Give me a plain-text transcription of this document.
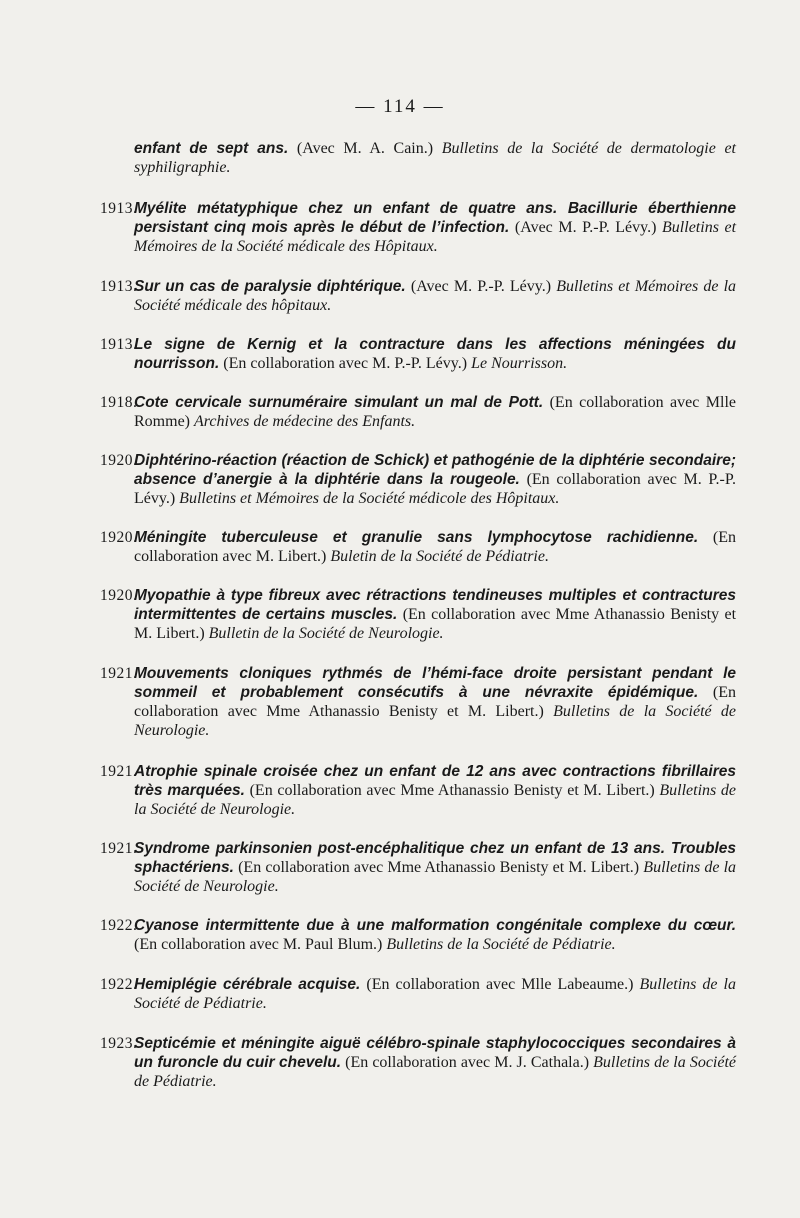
— 114 —
enfant de sept ans. (Avec M. A. Cain.) Bulletins de la Société de dermatologie et syphiligraphie.
1913.
Myélite métatyphique chez un enfant de quatre ans. Bacillurie éberthienne persistant cinq mois après le début de l’infection. (Avec M. P.-P. Lévy.) Bulletins et Mémoires de la Société médicale des Hôpitaux.
1913.
Sur un cas de paralysie diphtérique. (Avec M. P.-P. Lévy.) Bulletins et Mémoires de la Société médicale des hôpitaux.
1913.
Le signe de Kernig et la contracture dans les affections méningées du nourrisson. (En collaboration avec M. P.-P. Lévy.) Le Nourrisson.
1918.
Cote cervicale surnuméraire simulant un mal de Pott. (En collaboration avec Mlle Romme) Archives de médecine des Enfants.
1920.
Diphtérino-réaction (réaction de Schick) et pathogénie de la diphtérie secondaire; absence d’anergie à la diphtérie dans la rougeole. (En collaboration avec M. P.-P. Lévy.) Bulletins et Mémoires de la Société médicole des Hôpitaux.
1920.
Méningite tuberculeuse et granulie sans lymphocytose rachidienne. (En collaboration avec M. Libert.) Buletin de la Société de Pédiatrie.
1920.
Myopathie à type fibreux avec rétractions tendineuses multiples et contractures intermittentes de certains muscles. (En collaboration avec Mme Athanassio Benisty et M. Libert.) Bulletin de la Société de Neurologie.
1921.
Mouvements cloniques rythmés de l’hémi-face droite persistant pendant le sommeil et probablement consécutifs à une névraxite épidémique. (En collaboration avec Mme Athanassio Benisty et M. Libert.) Bulletins de la Société de Neurologie.
1921.
Atrophie spinale croisée chez un enfant de 12 ans avec contractions fibrillaires très marquées. (En collaboration avec Mme Athanassio Benisty et M. Libert.) Bulletins de la Société de Neurologie.
1921.
Syndrome parkinsonien post-encéphalitique chez un enfant de 13 ans. Troubles sphactériens. (En collaboration avec Mme Athanassio Benisty et M. Libert.) Bulletins de la Société de Neurologie.
1922.
Cyanose intermittente due à une malformation congénitale complexe du cœur. (En collaboration avec M. Paul Blum.) Bulletins de la Société de Pédiatrie.
1922.
Hemiplégie cérébrale acquise. (En collaboration avec Mlle Labeaume.) Bulletins de la Société de Pédiatrie.
1923.
Septicémie et méningite aiguë célébro-spinale staphylococciques secondaires à un furoncle du cuir chevelu. (En collaboration avec M. J. Cathala.) Bulletins de la Société de Pédiatrie.
